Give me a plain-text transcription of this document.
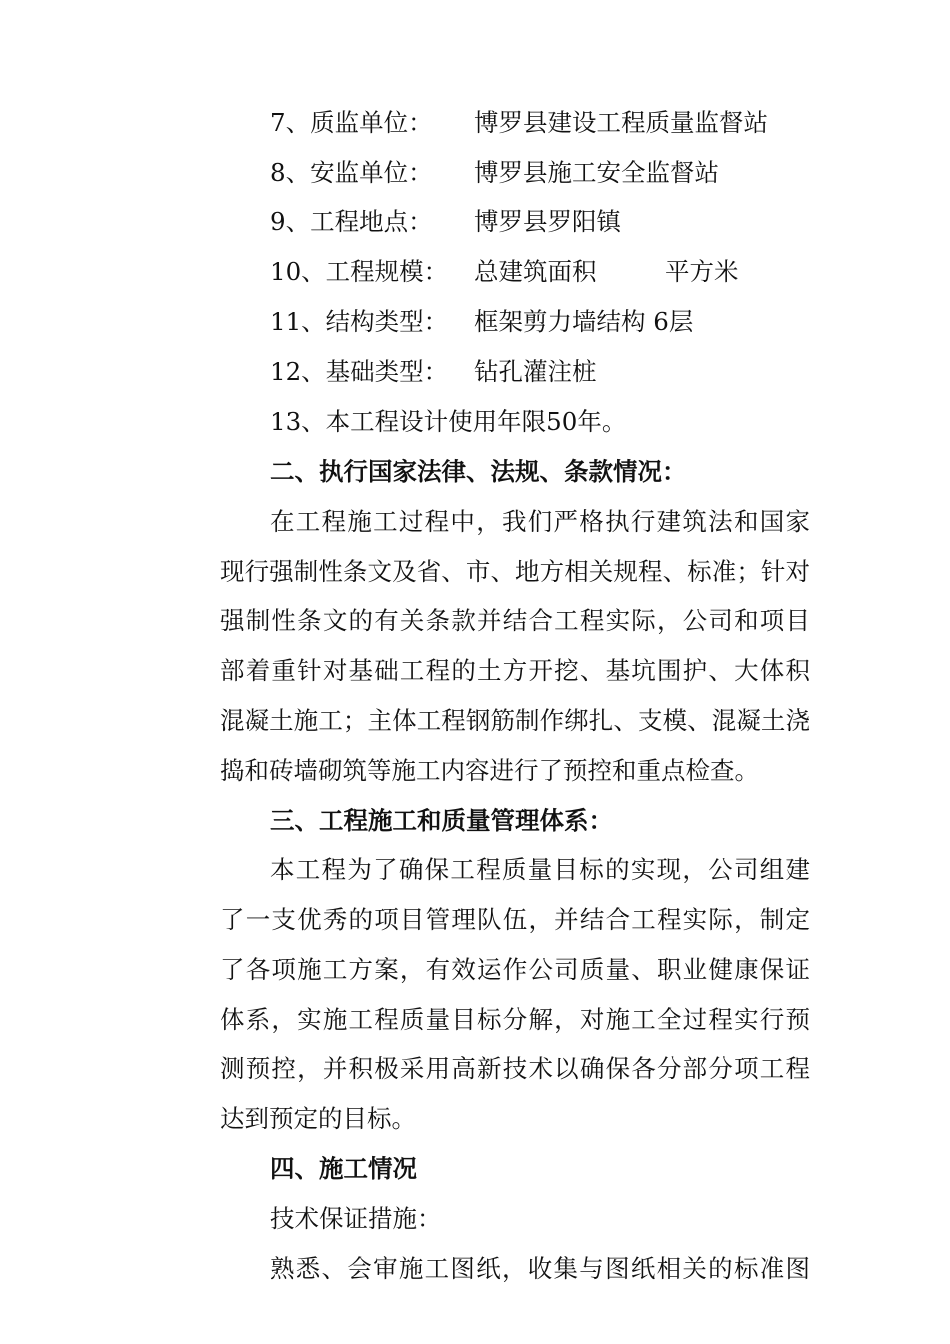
7、质监单位： 博罗县建设工程质量监督站
8、安监单位： 博罗县施工安全监督站
9、工程地点： 博罗县罗阳镇
10、工程规模： 总建筑面积	平方米
11、结构类型： 框架剪力墙结构 6层
12、基础类型： 钻孔灌注桩
13、本工程设计使用年限50年。
二、执行国家法律、法规、条款情况：
在工程施工过程中，我们严格执行建筑法和国家
现行强制性条文及省、市、地方相关规程、标准；针对
强制性条文的有关条款并结合工程实际，公司和项目
部着重针对基础工程的土方开挖、基坑围护、大体积
混凝土施工；主体工程钢筋制作绑扎、支模、混凝土浇
捣和砖墙砌筑等施工内容进行了预控和重点检查。
三、工程施工和质量管理体系：
本工程为了确保工程质量目标的实现，公司组建
了一支优秀的项目管理队伍，并结合工程实际，制定
了各项施工方案，有效运作公司质量、职业健康保证
体系，实施工程质量目标分解，对施工全过程实行预
测预控，并积极采用高新技术以确保各分部分项工程
达到预定的目标。
四、施工情况
技术保证措施：
熟悉、会审施工图纸，收集与图纸相关的标准图
